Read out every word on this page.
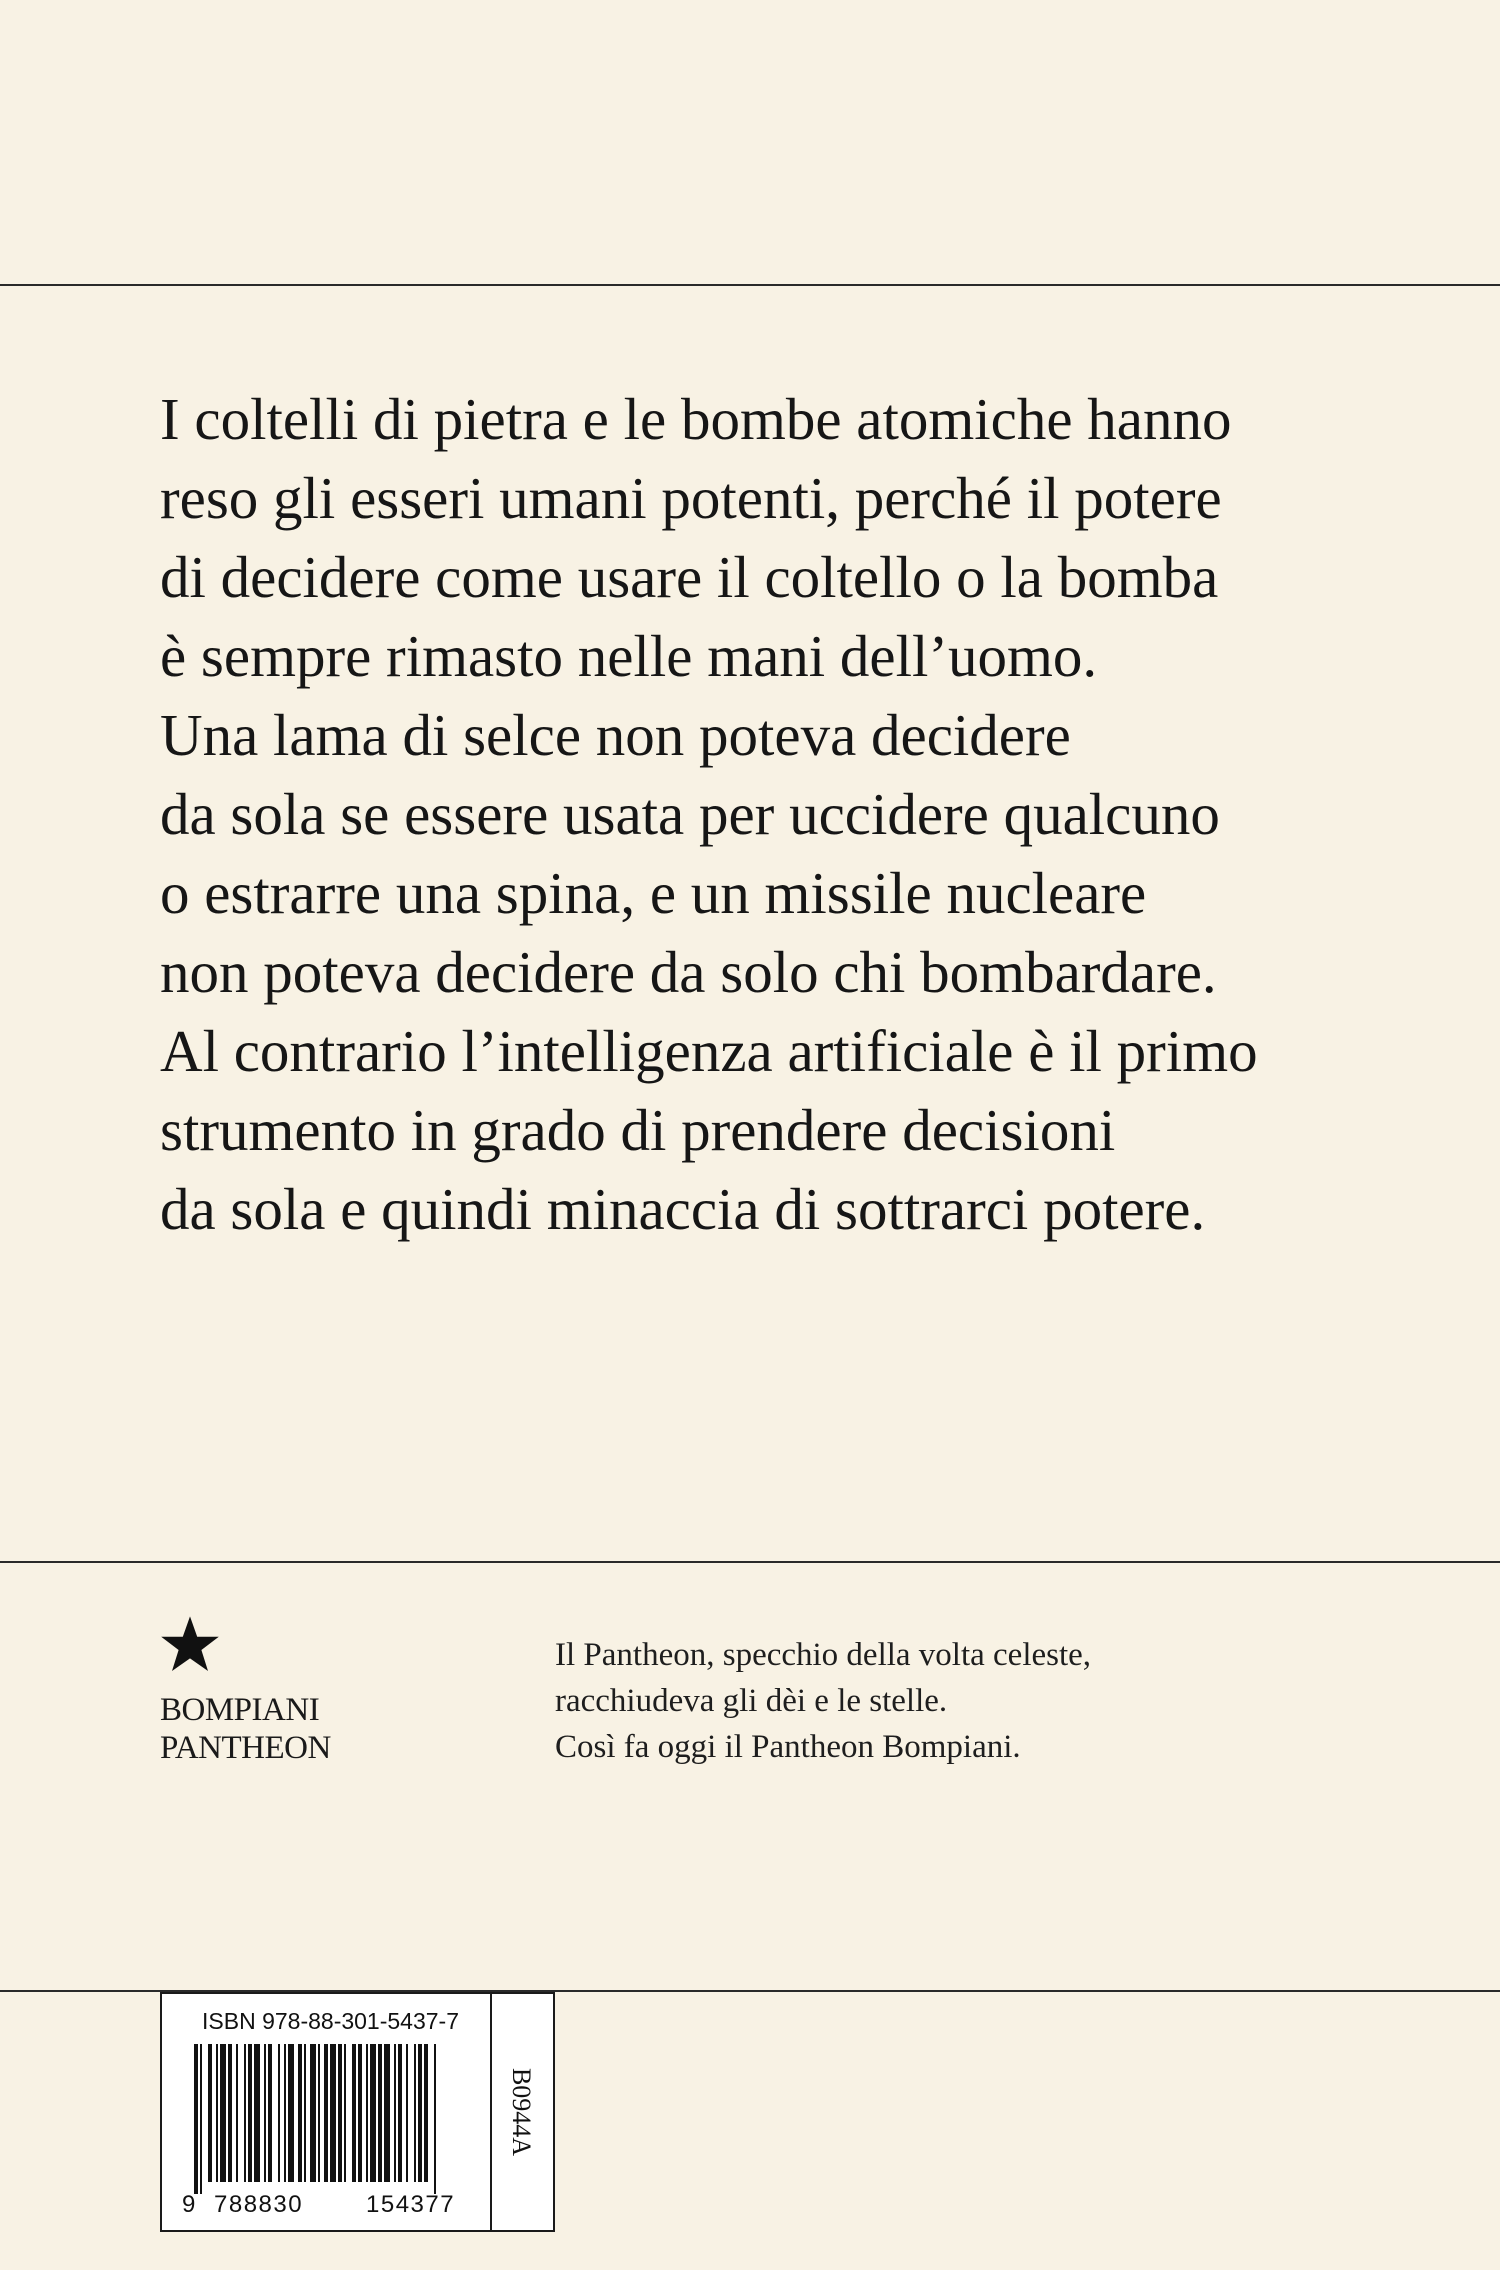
I coltelli di pietra e le bombe atomiche hanno
reso gli esseri umani potenti, perché il potere
di decidere come usare il coltello o la bomba
è sempre rimasto nelle mani dell’uomo.
Una lama di selce non poteva decidere
da sola se essere usata per uccidere qualcuno
o estrarre una spina, e un missile nucleare
non poteva decidere da solo chi bombardare.
Al contrario l’intelligenza artificiale è il primo
strumento in grado di prendere decisioni
da sola e quindi minaccia di sottrarci potere.

BOMPIANI
PANTHEON

Il Pantheon, specchio della volta celeste,
racchiudeva gli dèi e le stelle.
Così fa oggi il Pantheon Bompiani.

ISBN 978-88-301-5437-7
9 788830	154377
B0944A
